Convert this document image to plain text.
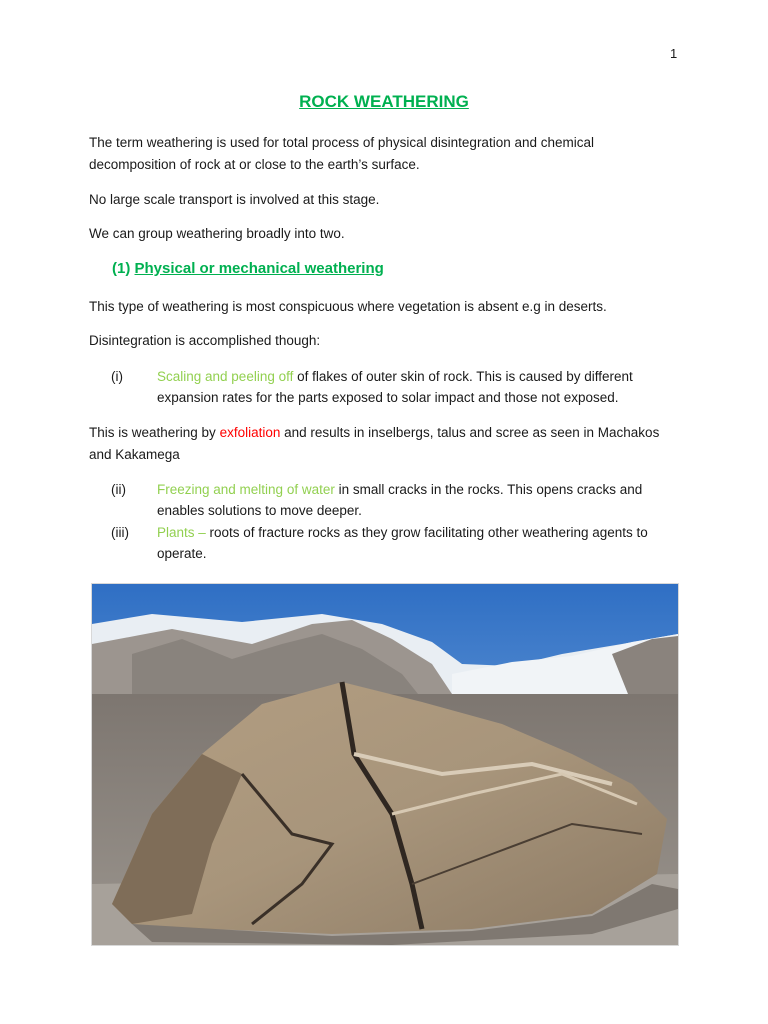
1
ROCK WEATHERING

The term weathering is used for total process of physical disintegration and chemical decomposition of rock at or close to the earth’s surface.

No large scale transport is involved at this stage.

We can group weathering broadly into two.

(1) Physical or mechanical weathering

This type of weathering is most conspicuous where vegetation is absent e.g in deserts.

Disintegration is accomplished though:

(i)	Scaling and peeling off of flakes of outer skin of rock. This is caused by different expansion rates for the parts exposed to solar impact and those not exposed.

This is weathering by exfoliation and results in inselbergs, talus and scree as seen in Machakos and Kakamega

(ii) Freezing and melting of water in small cracks in the rocks. This opens cracks and enables solutions to move deeper.
(iii) Plants – roots of fracture rocks as they grow facilitating other weathering agents to operate.
